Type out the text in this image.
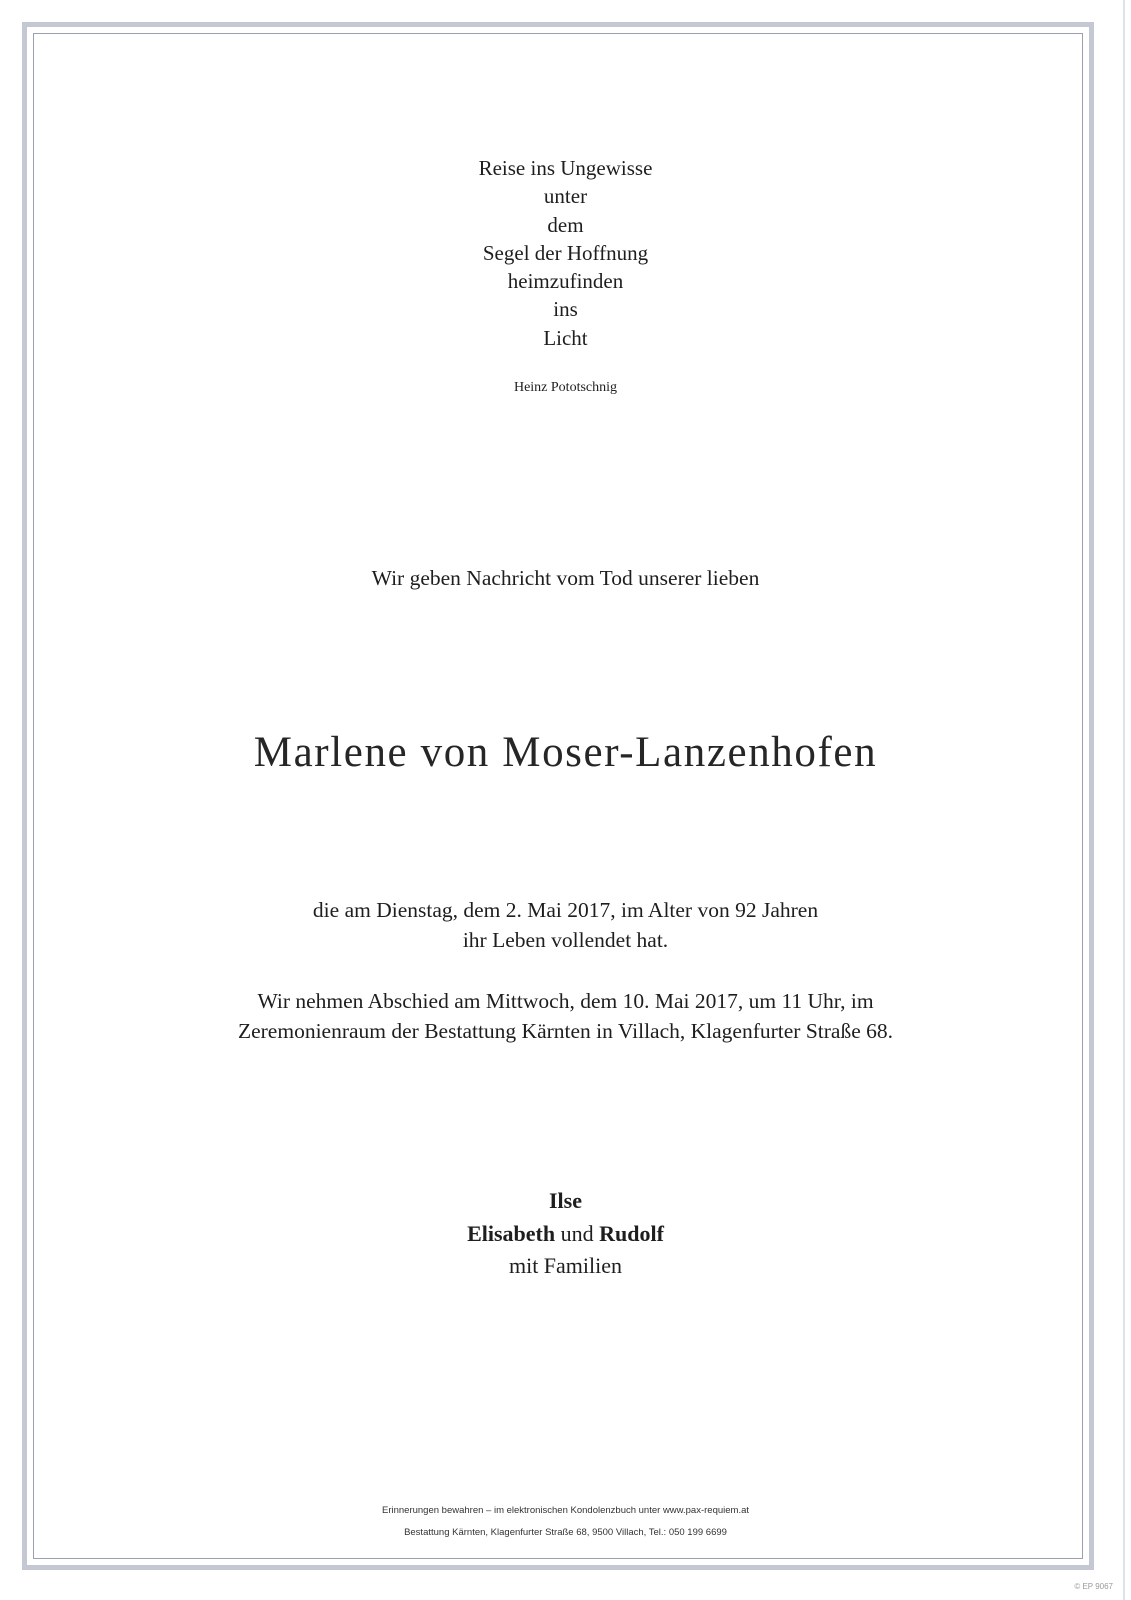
Reise ins Ungewisse
unter
dem
Segel der Hoffnung
heimzufinden
ins
Licht
Heinz Pototschnig
Wir geben Nachricht vom Tod unserer lieben
Marlene von Moser-Lanzenhofen
die am Dienstag, dem 2. Mai 2017, im Alter von 92 Jahren
ihr Leben vollendet hat.
Wir nehmen Abschied am Mittwoch, dem 10. Mai 2017, um 11 Uhr, im
Zeremonienraum der Bestattung Kärnten in Villach, Klagenfurter Straße 68.
Ilse
Elisabeth und Rudolf
mit Familien
Erinnerungen bewahren – im elektronischen Kondolenzbuch unter www.pax-requiem.at
Bestattung Kärnten, Klagenfurter Straße 68, 9500 Villach, Tel.: 050 199 6699
© EP 9067
